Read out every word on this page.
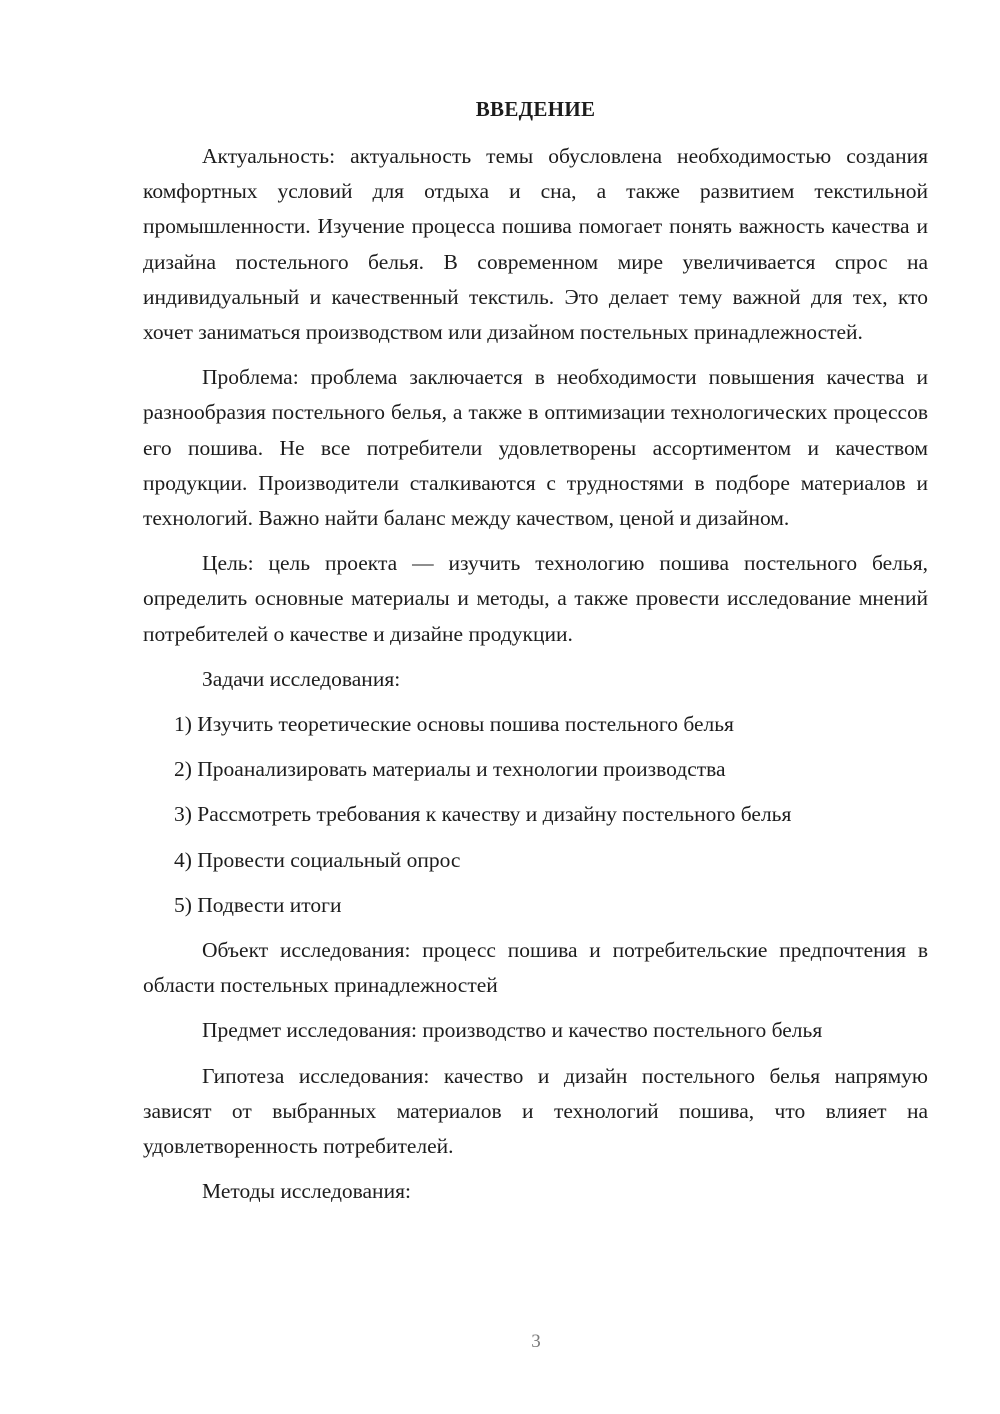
ВВЕДЕНИЕ

Актуальность: актуальность темы обусловлена необходимостью создания комфортных условий для отдыха и сна, а также развитием текстильной промышленности. Изучение процесса пошива помогает понять важность качества и дизайна постельного белья. В современном мире увеличивается спрос на индивидуальный и качественный текстиль. Это делает тему важной для тех, кто хочет заниматься производством или дизайном постельных принадлежностей.

Проблема: проблема заключается в необходимости повышения качества и разнообразия постельного белья, а также в оптимизации технологических процессов его пошива. Не все потребители удовлетворены ассортиментом и качеством продукции. Производители сталкиваются с трудностями в подборе материалов и технологий. Важно найти баланс между качеством, ценой и дизайном.

Цель: цель проекта — изучить технологию пошива постельного белья, определить основные материалы и методы, а также провести исследование мнений потребителей о качестве и дизайне продукции.

Задачи исследования:

1) Изучить теоретические основы пошива постельного белья
2) Проанализировать материалы и технологии производства
3) Рассмотреть требования к качеству и дизайну постельного белья
4) Провести социальный опрос
5) Подвести итоги

Объект исследования: процесс пошива и потребительские предпочтения в области постельных принадлежностей

Предмет исследования: производство и качество постельного белья

Гипотеза исследования: качество и дизайн постельного белья напрямую зависят от выбранных материалов и технологий пошива, что влияет на удовлетворенность потребителей.

Методы исследования:

3
